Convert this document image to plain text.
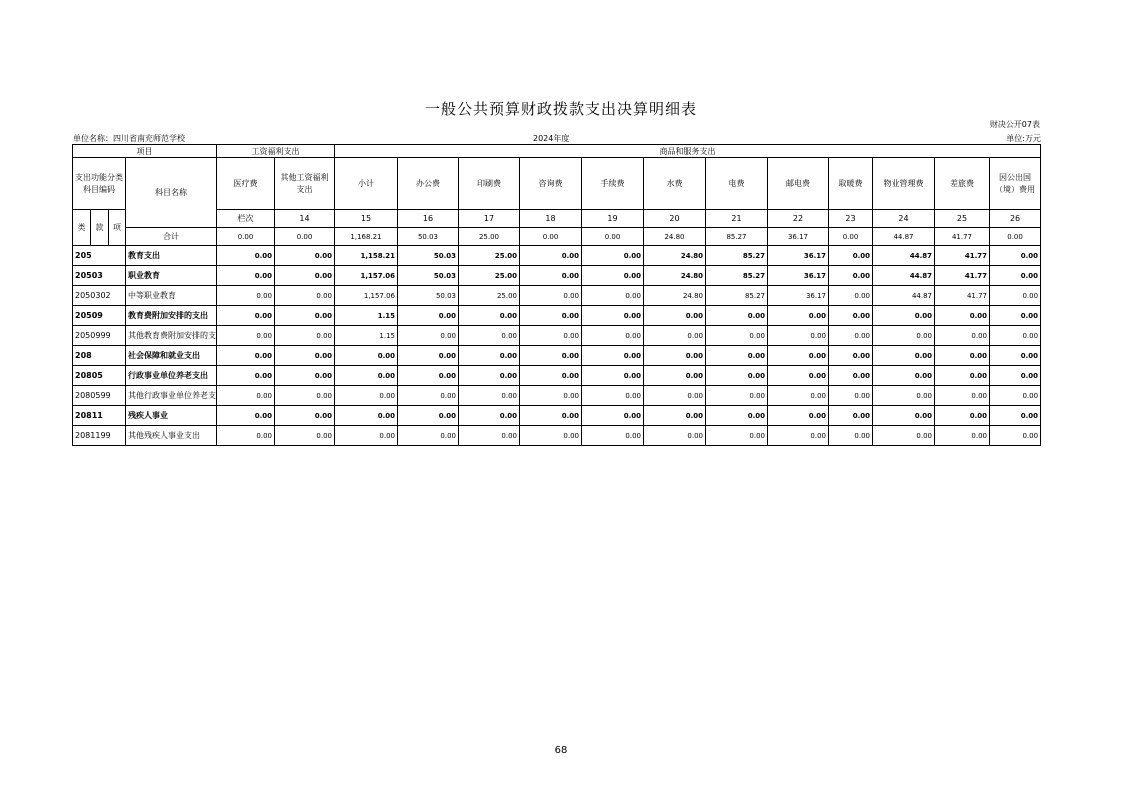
一般公共预算财政拨款支出决算明细表
财决公开07表
单位名称：四川省南充师范学校	2024年度	单位:万元
项目				工资福利支出		商品和服务支出												
支出功能分类科目编码			科目名称	医疗费	其他工资福利支出	小计	办公费	印刷费	咨询费	手续费	水费	电费	邮电费	取暖费	物业管理费	差旅费	因公出国（境）费用	
类	款	项		栏次	14	15	16	17	18	19	20	21	22	23	24	25	26	
			合计	0.00	0.00	1,168.21	50.03	25.00	0.00	0.00	24.80	85.27	36.17	0.00	44.87	41.77	0.00	
205			教育支出	0.00	0.00	1,158.21	50.03	25.00	0.00	0.00	24.80	85.27	36.17	0.00	44.87	41.77	0.00	
20503			职业教育	0.00	0.00	1,157.06	50.03	25.00	0.00	0.00	24.80	85.27	36.17	0.00	44.87	41.77	0.00	
2050302			中等职业教育	0.00	0.00	1,157.06	50.03	25.00	0.00	0.00	24.80	85.27	36.17	0.00	44.87	41.77	0.00	
20509			教育费附加安排的支出	0.00	0.00	1.15	0.00	0.00	0.00	0.00	0.00	0.00	0.00	0.00	0.00	0.00	0.00	
2050999			其他教育费附加安排的支	0.00	0.00	1.15	0.00	0.00	0.00	0.00	0.00	0.00	0.00	0.00	0.00	0.00	0.00	
208			社会保障和就业支出	0.00	0.00	0.00	0.00	0.00	0.00	0.00	0.00	0.00	0.00	0.00	0.00	0.00	0.00	
20805			行政事业单位养老支出	0.00	0.00	0.00	0.00	0.00	0.00	0.00	0.00	0.00	0.00	0.00	0.00	0.00	0.00	
2080599			其他行政事业单位养老支	0.00	0.00	0.00	0.00	0.00	0.00	0.00	0.00	0.00	0.00	0.00	0.00	0.00	0.00	
20811			残疾人事业	0.00	0.00	0.00	0.00	0.00	0.00	0.00	0.00	0.00	0.00	0.00	0.00	0.00	0.00	
2081199			其他残疾人事业支出	0.00	0.00	0.00	0.00	0.00	0.00	0.00	0.00	0.00	0.00	0.00	0.00	0.00	0.00	
68
